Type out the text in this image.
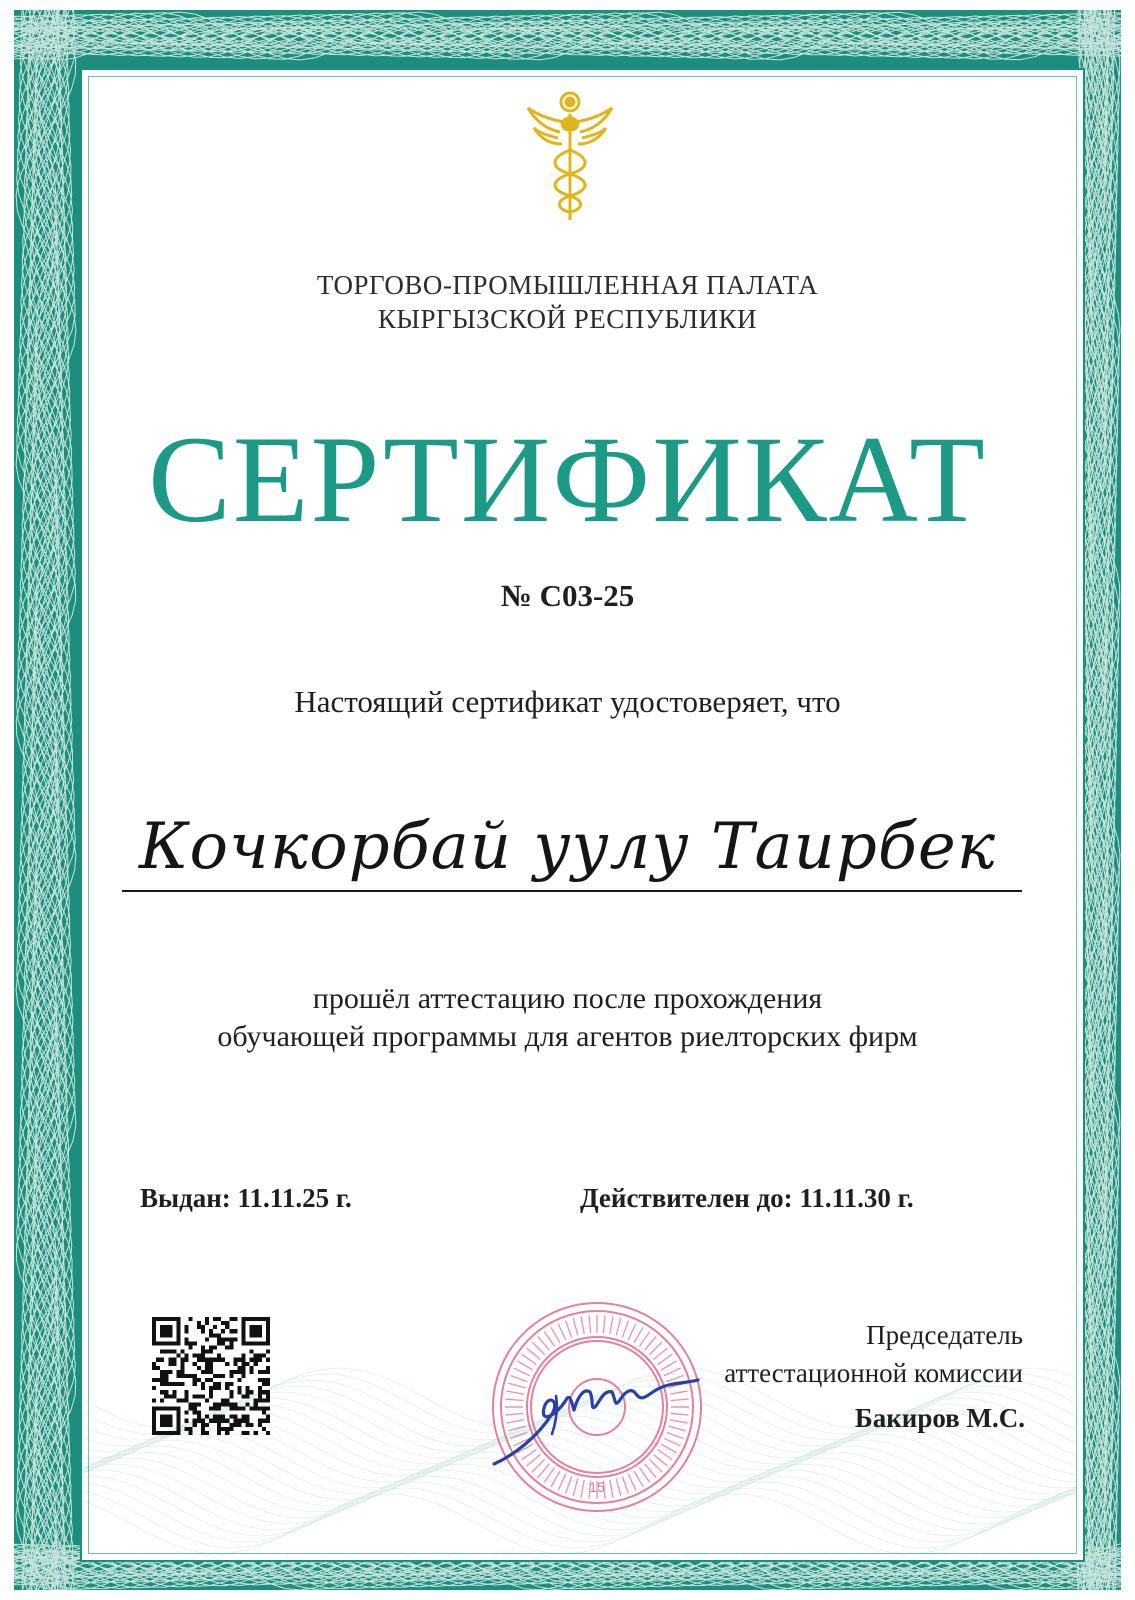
ТОРГОВО-ПРОМЫШЛЕННАЯ ПАЛАТА
КЫРГЫЗСКОЙ РЕСПУБЛИКИ
СЕРТИФИКАТ
№ С03-25
Настоящий сертификат удостоверяет, что
Кочкорбай уулу Таирбек
прошёл аттестацию после прохождения
обучающей программы для агентов риелторских фирм
Выдан: 11.11.25 г.	Действителен до: 11.11.30 г.
15
Председатель
аттестационной комиссии
Бакиров М.С.
